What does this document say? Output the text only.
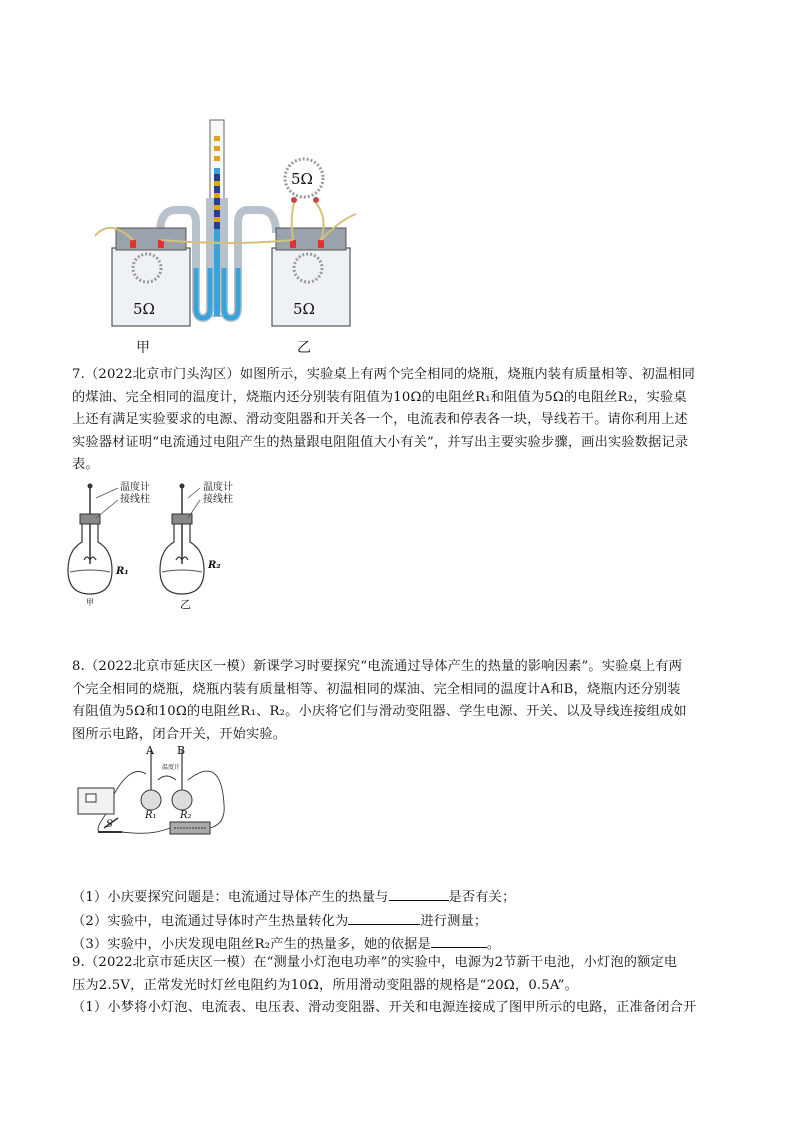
5Ω
5Ω	5Ω
甲	乙
7.（2022北京市门头沟区）如图所示，实验桌上有两个完全相同的烧瓶，烧瓶内装有质量相等、初温相同
的煤油、完全相同的温度计，烧瓶内还分别装有阻值为10Ω的电阻丝R₁和阻值为5Ω的电阻丝R₂，实验桌
上还有满足实验要求的电源、滑动变阻器和开关各一个，电流表和停表各一块，导线若干。请你利用上述
实验器材证明“电流通过电阻产生的热量跟电阻阻值大小有关”，并写出主要实验步骤，画出实验数据记录
表。
温度计
接线柱
温度计
接线柱
R₁
R₂
甲	乙
8.（2022北京市延庆区一模）新课学习时要探究“电流通过导体产生的热量的影响因素”。实验桌上有两
个完全相同的烧瓶，烧瓶内装有质量相等、初温相同的煤油、完全相同的温度计A和B，烧瓶内还分别装
有阻值为5Ω和10Ω的电阻丝R₁、R₂。小庆将它们与滑动变阻器、学生电源、开关、以及导线连接组成如
图所示电路，闭合开关，开始实验。
A B
温度计
R₁ R₂
S
（1）小庆要探究问题是：电流通过导体产生的热量与	是否有关；
（2）实验中，电流通过导体时产生热量转化为	进行测量；
（3）实验中，小庆发现电阻丝R₂产生的热量多，她的依据是	。
9.（2022北京市延庆区一模）在“测量小灯泡电功率”的实验中，电源为2节新干电池，小灯泡的额定电
压为2.5V，正常发光时灯丝电阻约为10Ω，所用滑动变阻器的规格是“20Ω，0.5A”。
（1）小梦将小灯泡、电流表、电压表、滑动变阻器、开关和电源连接成了图甲所示的电路，正准备闭合开
